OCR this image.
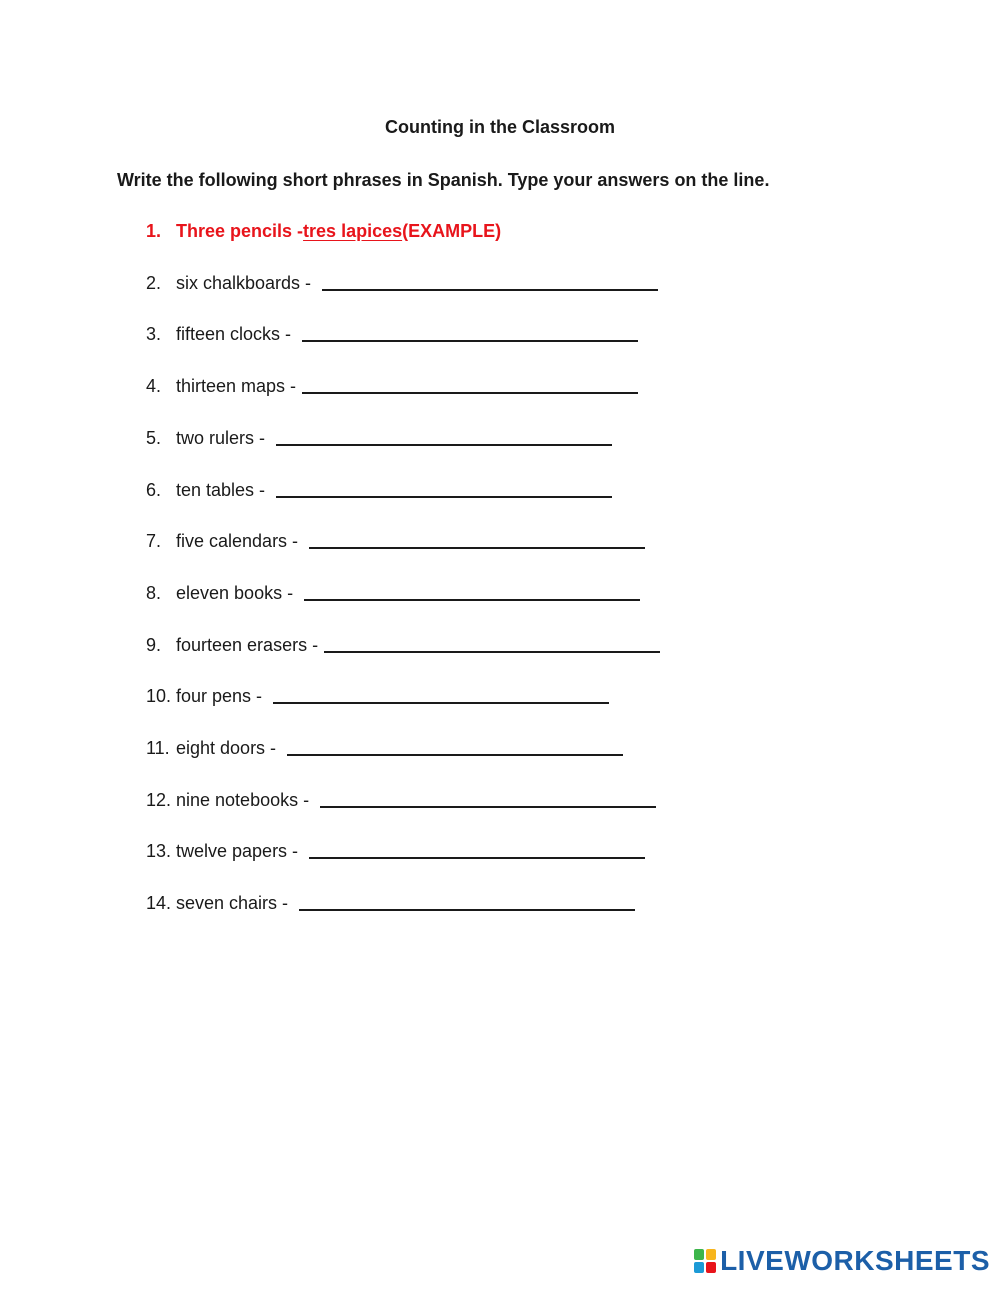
Counting in the Classroom
Write the following short phrases in Spanish. Type your answers on the line.
1. Three pencils - tres lapices (EXAMPLE)
2. six chalkboards -
3. fifteen clocks -
4. thirteen maps -
5. two rulers -
6. ten tables -
7. five calendars -
8. eleven books -
9. fourteen erasers -
10. four pens -
11. eight doors -
12. nine notebooks -
13. twelve papers -
14. seven chairs -
LIVEWORKSHEETS
